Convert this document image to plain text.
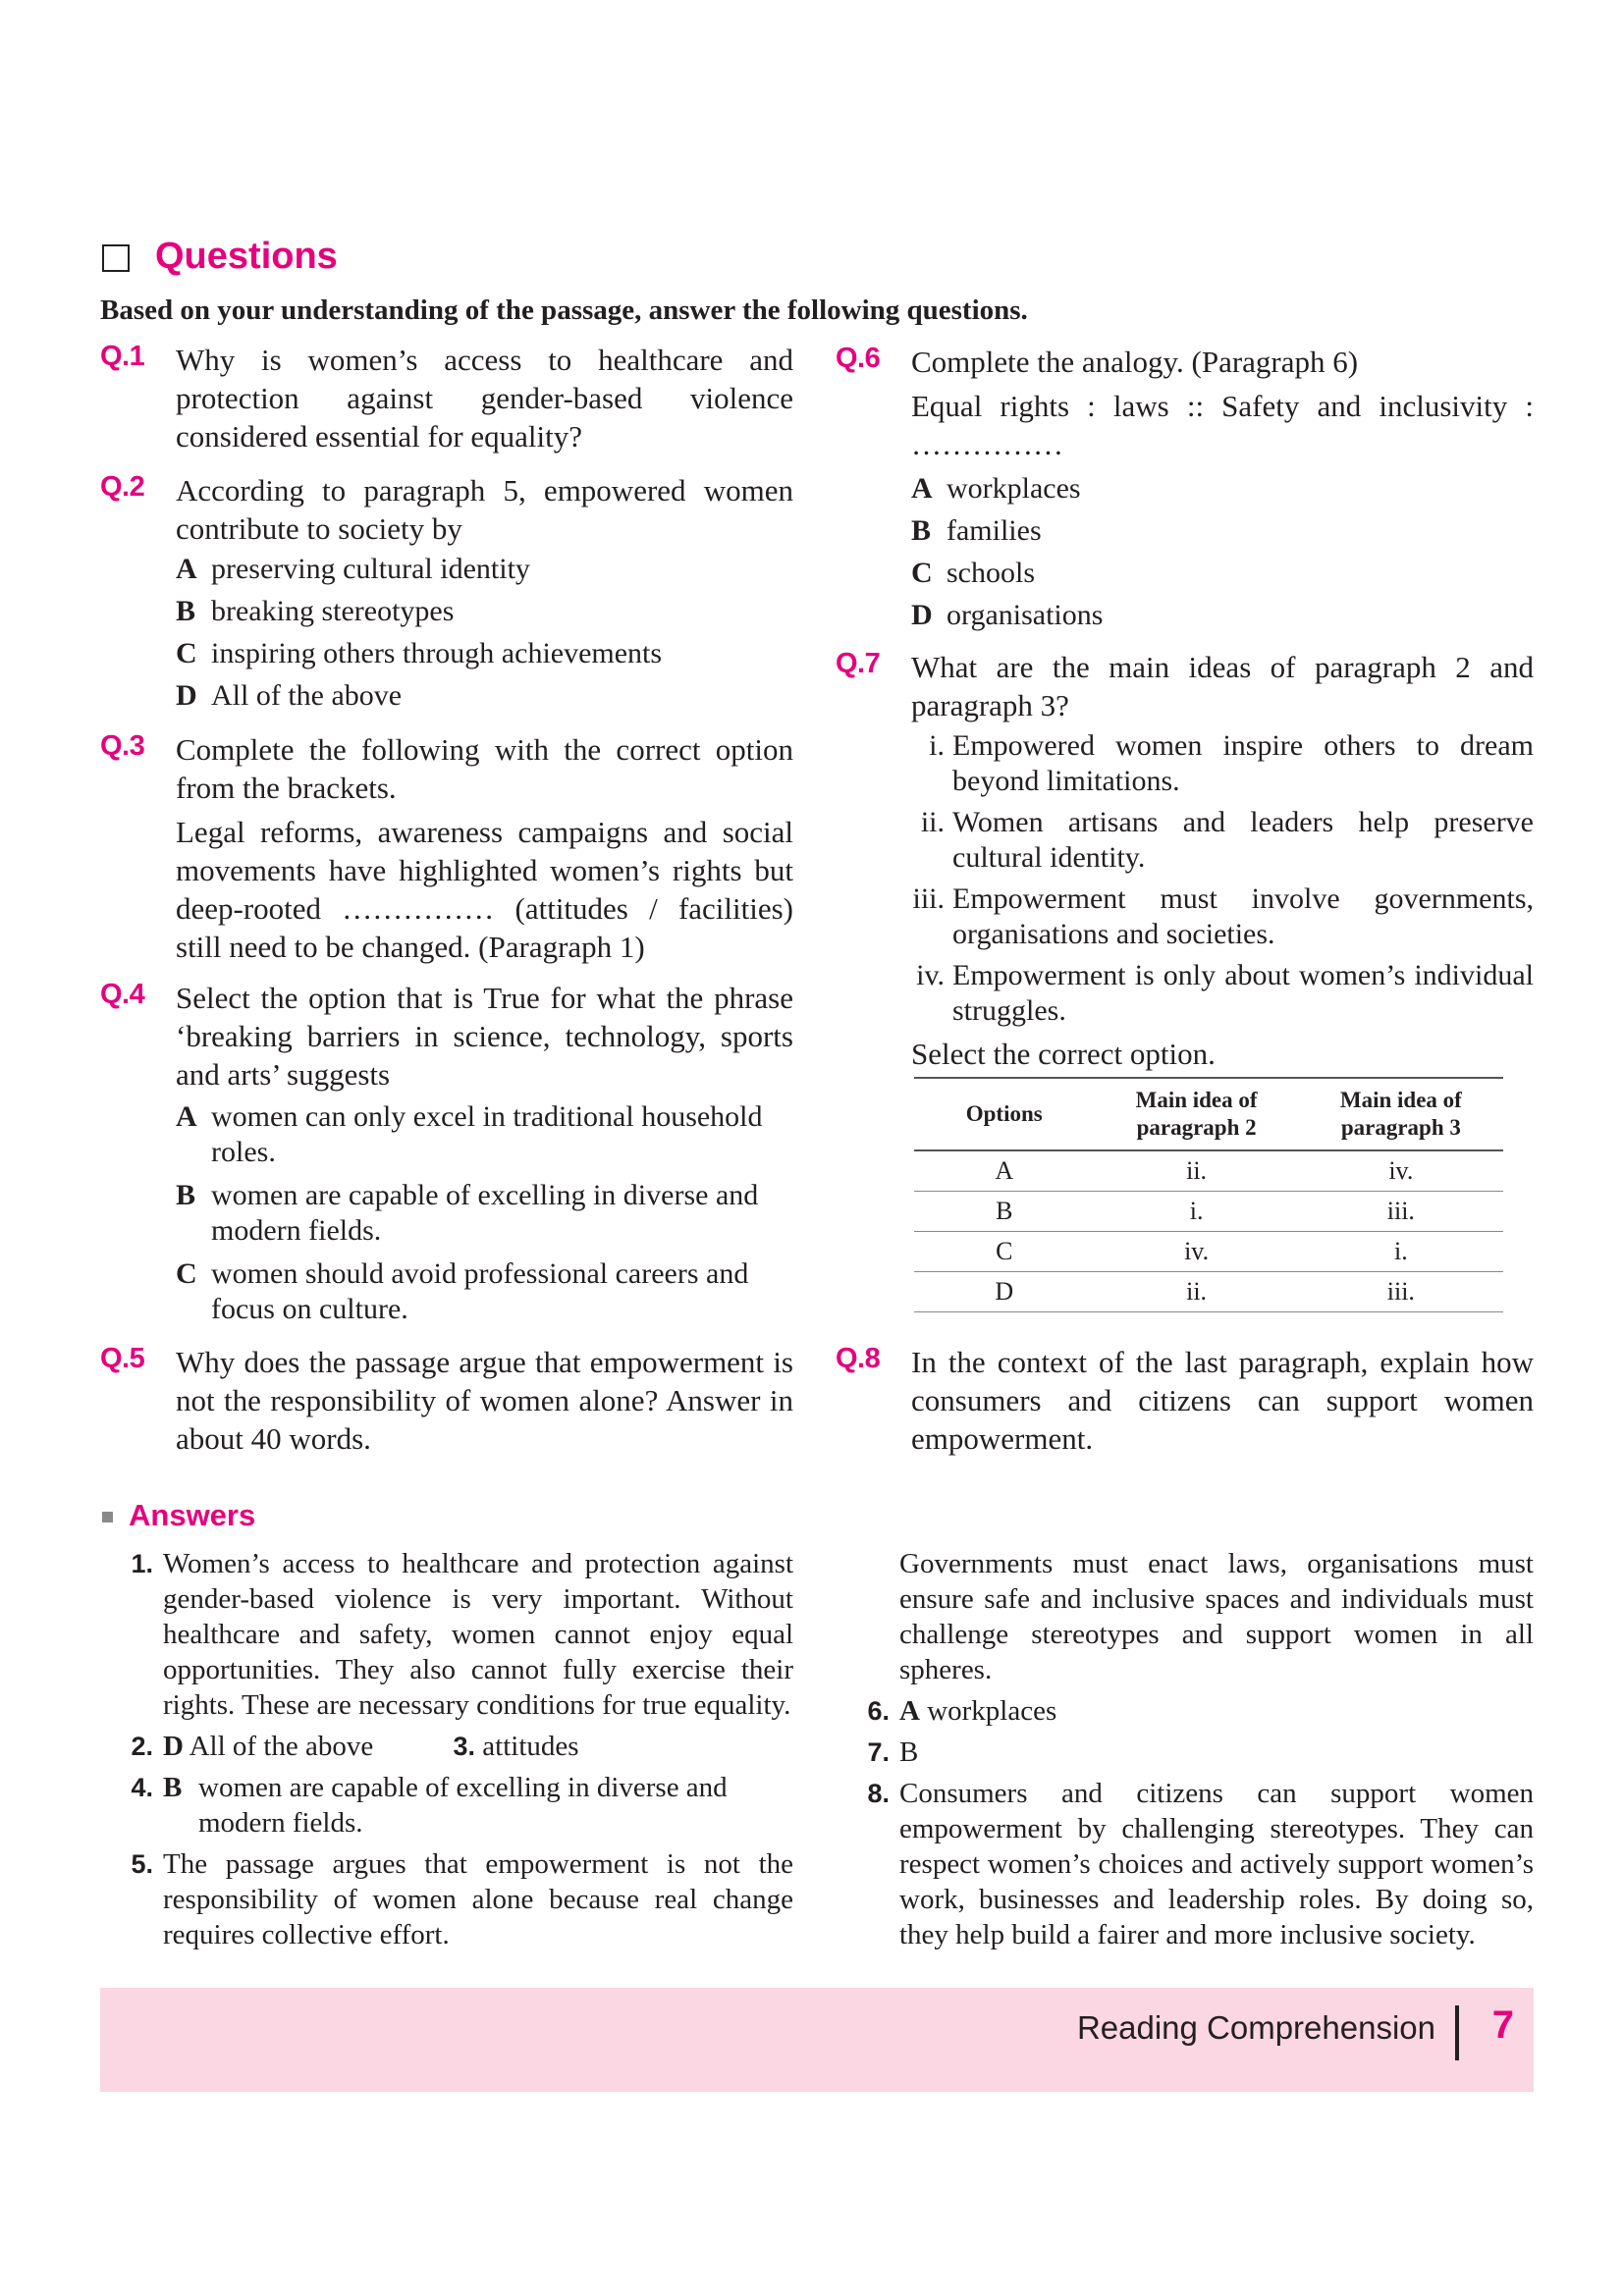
Questions
Based on your understanding of the passage, answer the following questions.
Q.1 Why is women’s access to healthcare and protection against gender-based violence considered essential for equality?
Q.2 According to paragraph 5, empowered women contribute to society by
A preserving cultural identity
B breaking stereotypes
C inspiring others through achievements
D All of the above
Q.3 Complete the following with the correct option from the brackets.
Legal reforms, awareness campaigns and social movements have highlighted women’s rights but deep-rooted …………… (attitudes / facilities) still need to be changed. (Paragraph 1)
Q.4 Select the option that is True for what the phrase ‘breaking barriers in science, technology, sports and arts’ suggests
A women can only excel in traditional household roles.
B women are capable of excelling in diverse and modern fields.
C women should avoid professional careers and focus on culture.
Q.5 Why does the passage argue that empowerment is not the responsibility of women alone? Answer in about 40 words.
Q.6 Complete the analogy. (Paragraph 6)
Equal rights : laws :: Safety and inclusivity :
……………
A workplaces
B families
C schools
D organisations
Q.7 What are the main ideas of paragraph 2 and paragraph 3?
i. Empowered women inspire others to dream beyond limitations.
ii. Women artisans and leaders help preserve cultural identity.
iii. Empowerment must involve governments, organisations and societies.
iv. Empowerment is only about women’s individual struggles.
Select the correct option.
Options	Main idea of paragraph 2	Main idea of paragraph 3
A	ii.	iv.
B	i.	iii.
C	iv.	i.
D	ii.	iii.
Q.8 In the context of the last paragraph, explain how consumers and citizens can support women empowerment.
Answers
1. Women’s access to healthcare and protection against gender-based violence is very important. Without healthcare and safety, women cannot enjoy equal opportunities. They also cannot fully exercise their rights. These are necessary conditions for true equality.
2. D All of the above	3. attitudes
4. B women are capable of excelling in diverse and modern fields.
5. The passage argues that empowerment is not the responsibility of women alone because real change requires collective effort.
Governments must enact laws, organisations must ensure safe and inclusive spaces and individuals must challenge stereotypes and support women in all spheres.
6. A workplaces
7. B
8. Consumers and citizens can support women empowerment by challenging stereotypes. They can respect women’s choices and actively support women’s work, businesses and leadership roles. By doing so, they help build a fairer and more inclusive society.
Reading Comprehension 7
